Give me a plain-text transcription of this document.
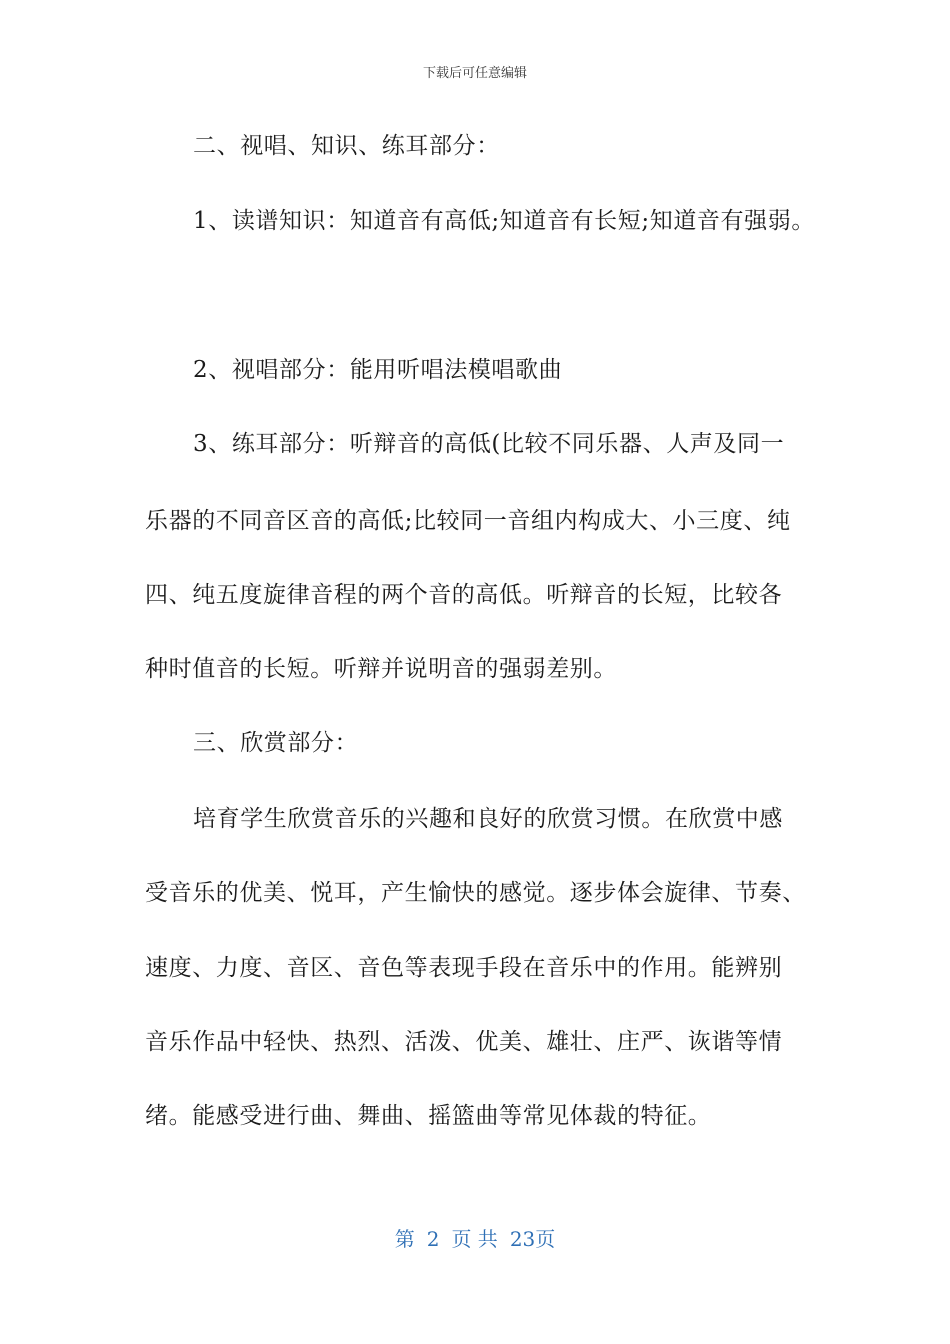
下载后可任意编辑
二、视唱、知识、练耳部分：
1、读谱知识：知道音有高低;知道音有长短;知道音有强弱。
2、视唱部分：能用听唱法模唱歌曲
3、练耳部分：听辩音的高低(比较不同乐器、人声及同一
乐器的不同音区音的高低;比较同一音组内构成大、小三度、纯
四、纯五度旋律音程的两个音的高低。听辩音的长短，比较各
种时值音的长短。听辩并说明音的强弱差别。
三、欣赏部分：
培育学生欣赏音乐的兴趣和良好的欣赏习惯。在欣赏中感
受音乐的优美、悦耳，产生愉快的感觉。逐步体会旋律、节奏、
速度、力度、音区、音色等表现手段在音乐中的作用。能辨别
音乐作品中轻快、热烈、活泼、优美、雄壮、庄严、诙谐等情
绪。能感受进行曲、舞曲、摇篮曲等常见体裁的特征。
第 2 页 共 23页
